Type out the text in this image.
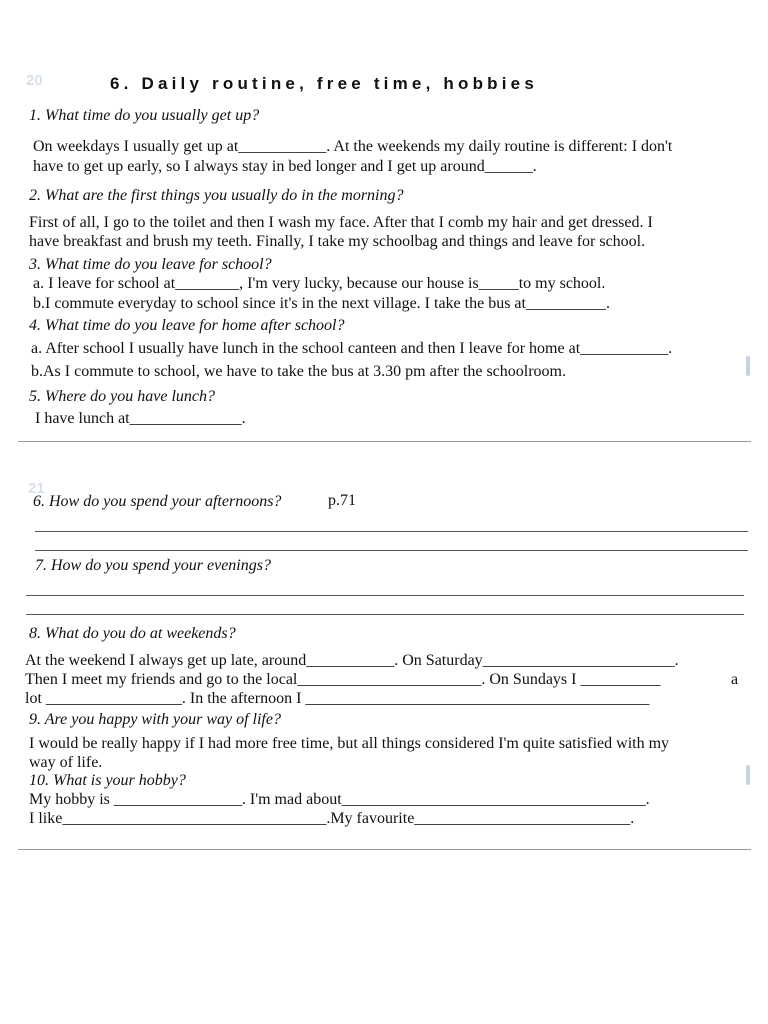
20	6. Daily routine, free time, hobbies
1. What time do you usually get up?
On weekdays I usually get up at___________. At the weekends my daily routine is different: I don't
have to get up early, so I always stay in bed longer and I get up around______.
2. What are the first things you usually do in the morning?
First of all, I go to the toilet and then I wash my face. After that I comb my hair and get dressed. I
have breakfast and brush my teeth. Finally, I take my schoolbag and things and leave for school.
3. What time do you leave for school?
a. I leave for school at________, I'm very lucky, because our house is_____to my school.
b.I commute everyday to school since it's in the next village. I take the bus at__________.
4. What time do you leave for home after school?
a. After school I usually have lunch in the school canteen and then I leave for home at___________.
b.As I commute to school, we have to take the bus at 3.30 pm after the schoolroom.
5. Where do you have lunch?
I have lunch at______________.
21
6. How do you spend your afternoons?	p.71
7. How do you spend your evenings?
8. What do you do at weekends?
At the weekend I always get up late, around___________. On Saturday________________________.
Then I meet my friends and go to the local_______________________. On Sundays I __________	a
lot _________________. In the afternoon I ___________________________________________
9. Are you happy with your way of life?
I would be really happy if I had more free time, but all things considered I'm quite satisfied with my
way of life.
10. What is your hobby?
My hobby is ________________. I'm mad about______________________________________.
I like_________________________________.My favourite___________________________.
